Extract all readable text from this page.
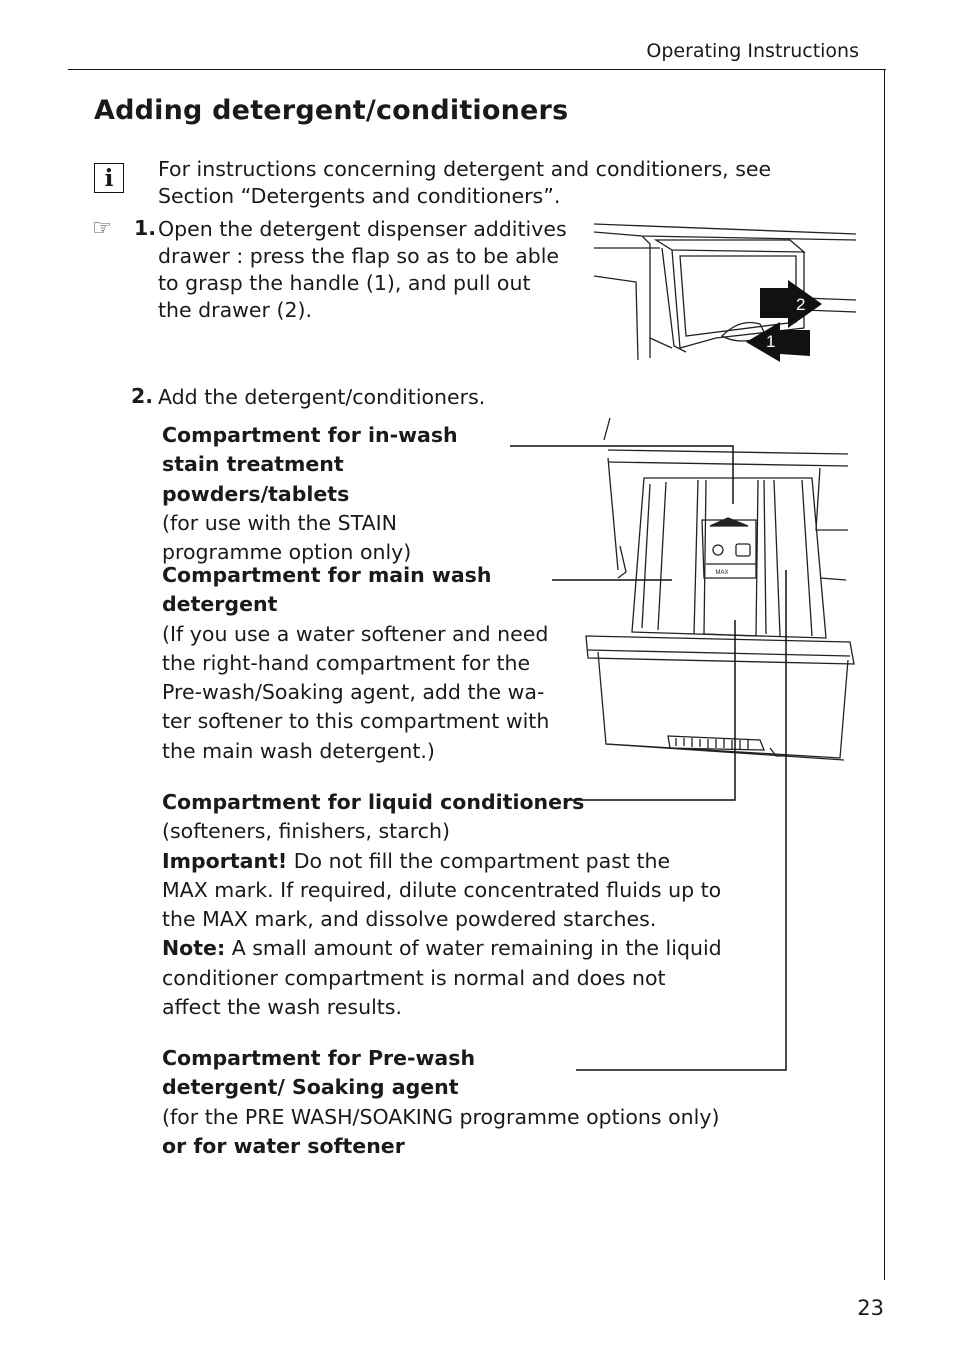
Operating Instructions
Adding detergent/conditioners
i	For instructions concerning detergent and conditioners, see Section “Detergents and conditioners”.
☞ 1. Open the detergent dispenser additives drawer : press the flap so as to be able to grasp the handle (1), and pull out the drawer (2).	2
1
2. Add the detergent/conditioners.
MAX
Compartment for in-wash stain treatment powders/tablets
(for use with the STAIN programme option only)
Compartment for main wash detergent
(If you use a water softener and need the right-hand compartment for the Pre-wash/Soaking agent, add the wa- ter softener to this compartment with the main wash detergent.)
Compartment for liquid conditioners
(softeners, finishers, starch)
Important! Do not fill the compartment past the MAX mark. If required, dilute concentrated fluids up to the MAX mark, and dissolve powdered starches.
Note: A small amount of water remaining in the liquid conditioner compartment is normal and does not affect the wash results.
Compartment for Pre-wash detergent/ Soaking agent
(for the PRE WASH/SOAKING programme options only)
or for water softener
23
